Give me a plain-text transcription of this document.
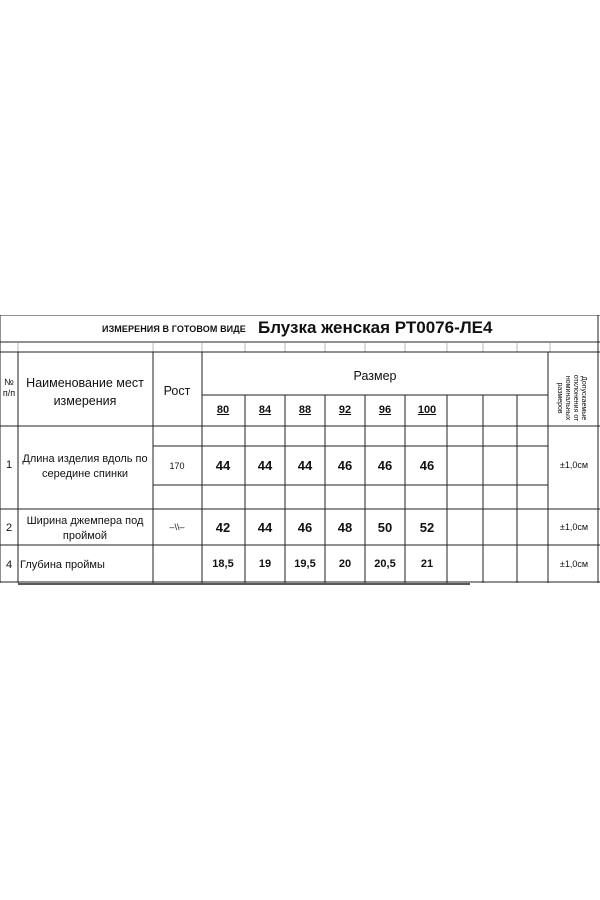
ИЗМЕРЕНИЯ В ГОТОВОМ ВИДЕ Блузка женская РТ0076-ЛЕ4
№
п/п
Наименование мест
измерения
Рост
Размер	Допускаемые
отклонения от
номинальных
размеров
80	84	88	92	96 100
1 Длина изделия вдоль по
середине спинки
170 44 44 44 46 46 46	±1,0см
2
Ширина джемпера под
проймой
–\\– 42 44 46 48 50 52	±1,0см
4 Глубина проймы	18,5 19 19,5 20 20,5 21	±1,0см
